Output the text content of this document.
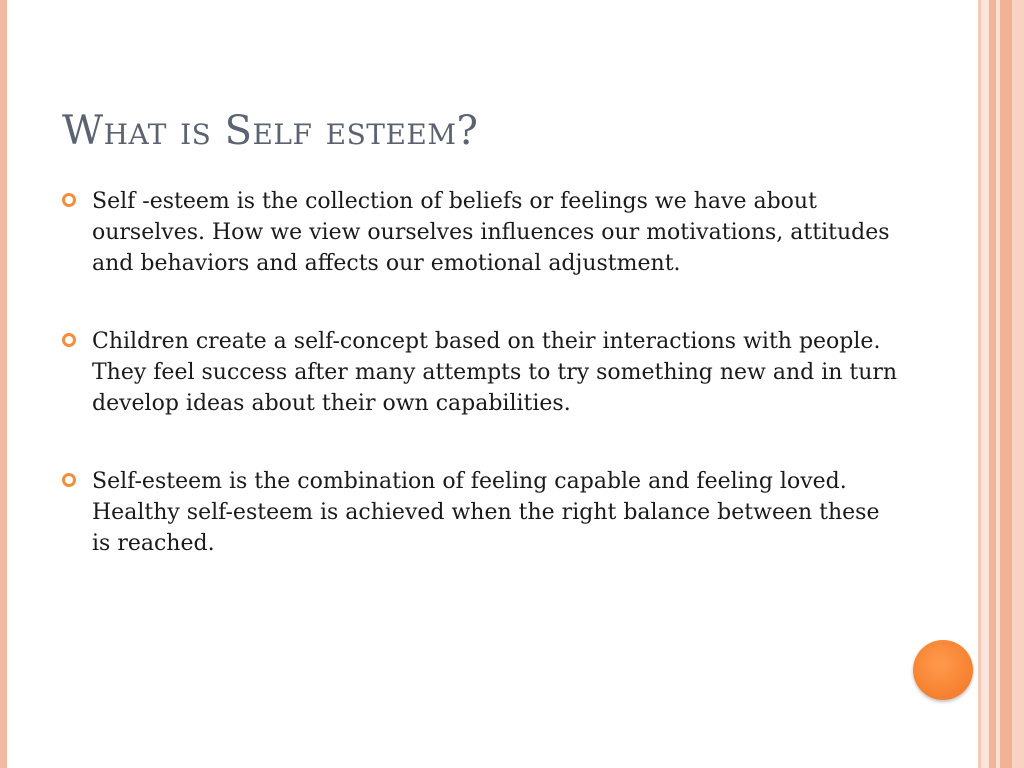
What is Self esteem?
Self -esteem is the collection of beliefs or feelings we have about ourselves. How we view ourselves influences our motivations, attitudes and behaviors and affects our emotional adjustment.
Children create a self-concept based on their interactions with people. They feel success after many attempts to try something new and in turn develop ideas about their own capabilities.
Self-esteem is the combination of feeling capable and feeling loved. Healthy self-esteem is achieved when the right balance between these is reached.
